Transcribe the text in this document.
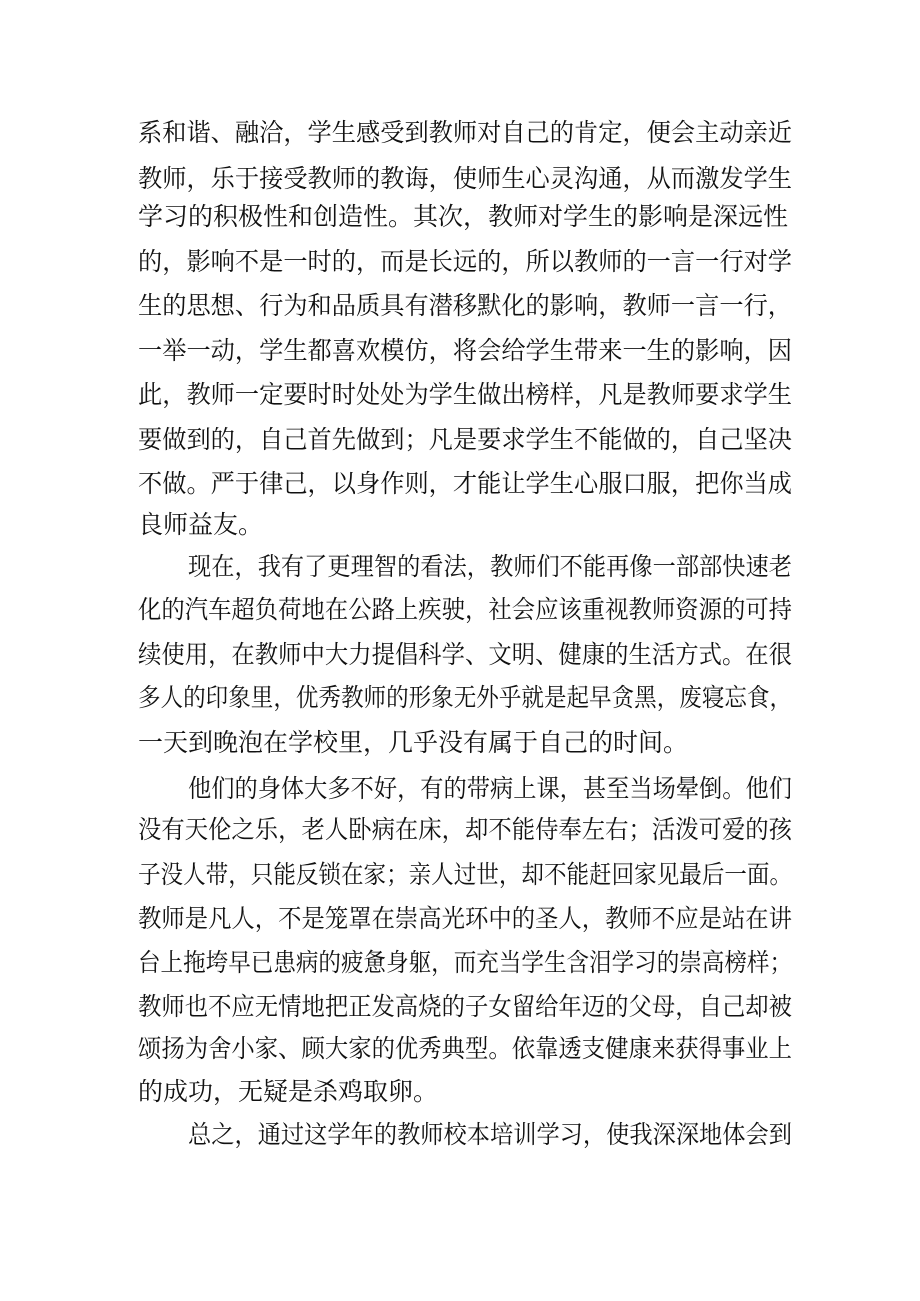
系和谐、融洽，学生感受到教师对自己的肯定，便会主动亲近
教师，乐于接受教师的教诲，使师生心灵沟通，从而激发学生
学习的积极性和创造性。其次，教师对学生的影响是深远性
的，影响不是一时的，而是长远的，所以教师的一言一行对学
生的思想、行为和品质具有潜移默化的影响，教师一言一行，
一举一动，学生都喜欢模仿，将会给学生带来一生的影响，因
此，教师一定要时时处处为学生做出榜样，凡是教师要求学生
要做到的，自己首先做到；凡是要求学生不能做的，自己坚决
不做。严于律己，以身作则，才能让学生心服口服，把你当成
良师益友。
现在，我有了更理智的看法，教师们不能再像一部部快速老
化的汽车超负荷地在公路上疾驶，社会应该重视教师资源的可持
续使用，在教师中大力提倡科学、文明、健康的生活方式。在很
多人的印象里，优秀教师的形象无外乎就是起早贪黑，废寝忘食，
一天到晚泡在学校里，几乎没有属于自己的时间。
他们的身体大多不好，有的带病上课，甚至当场晕倒。他们
没有天伦之乐，老人卧病在床，却不能侍奉左右；活泼可爱的孩
子没人带，只能反锁在家；亲人过世，却不能赶回家见最后一面。
教师是凡人，不是笼罩在崇高光环中的圣人，教师不应是站在讲
台上拖垮早已患病的疲惫身躯，而充当学生含泪学习的崇高榜样；
教师也不应无情地把正发高烧的子女留给年迈的父母，自己却被
颂扬为舍小家、顾大家的优秀典型。依靠透支健康来获得事业上
的成功，无疑是杀鸡取卵。
总之，通过这学年的教师校本培训学习，使我深深地体会到
